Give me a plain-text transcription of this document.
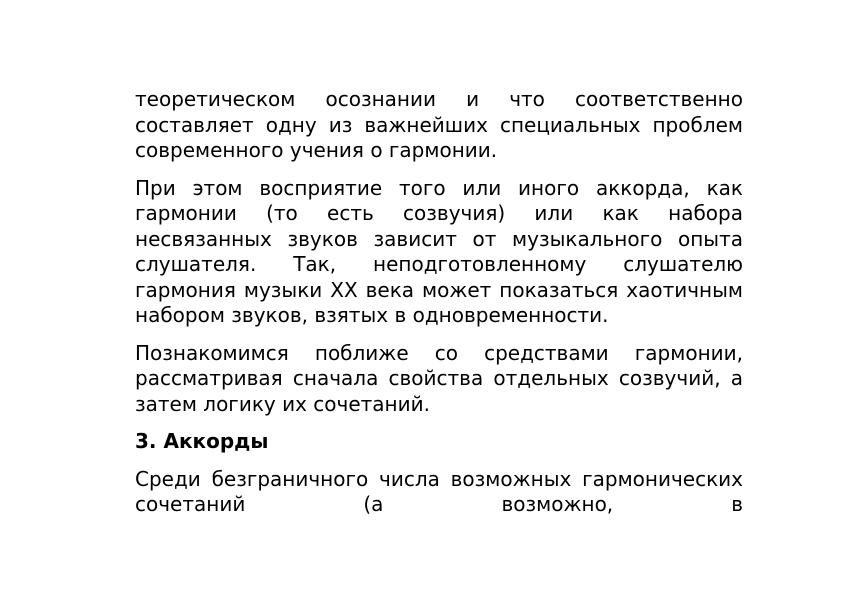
теоретическом осознании и что соответственно составляет одну из важнейших специальных проблем современного учения о гармонии.

При этом восприятие того или иного аккорда, как гармонии (то есть созвучия) или как набора несвязанных звуков зависит от музыкального опыта слушателя. Так, неподготовленному слушателю гармония музыки XX века может показаться хаотичным набором звуков, взятых в одновременности.

Познакомимся поближе со средствами гармонии, рассматривая сначала свойства отдельных созвучий, а затем логику их сочетаний.

3. Аккорды

Среди безграничного числа возможных гармонических сочетаний (а возможно, в
